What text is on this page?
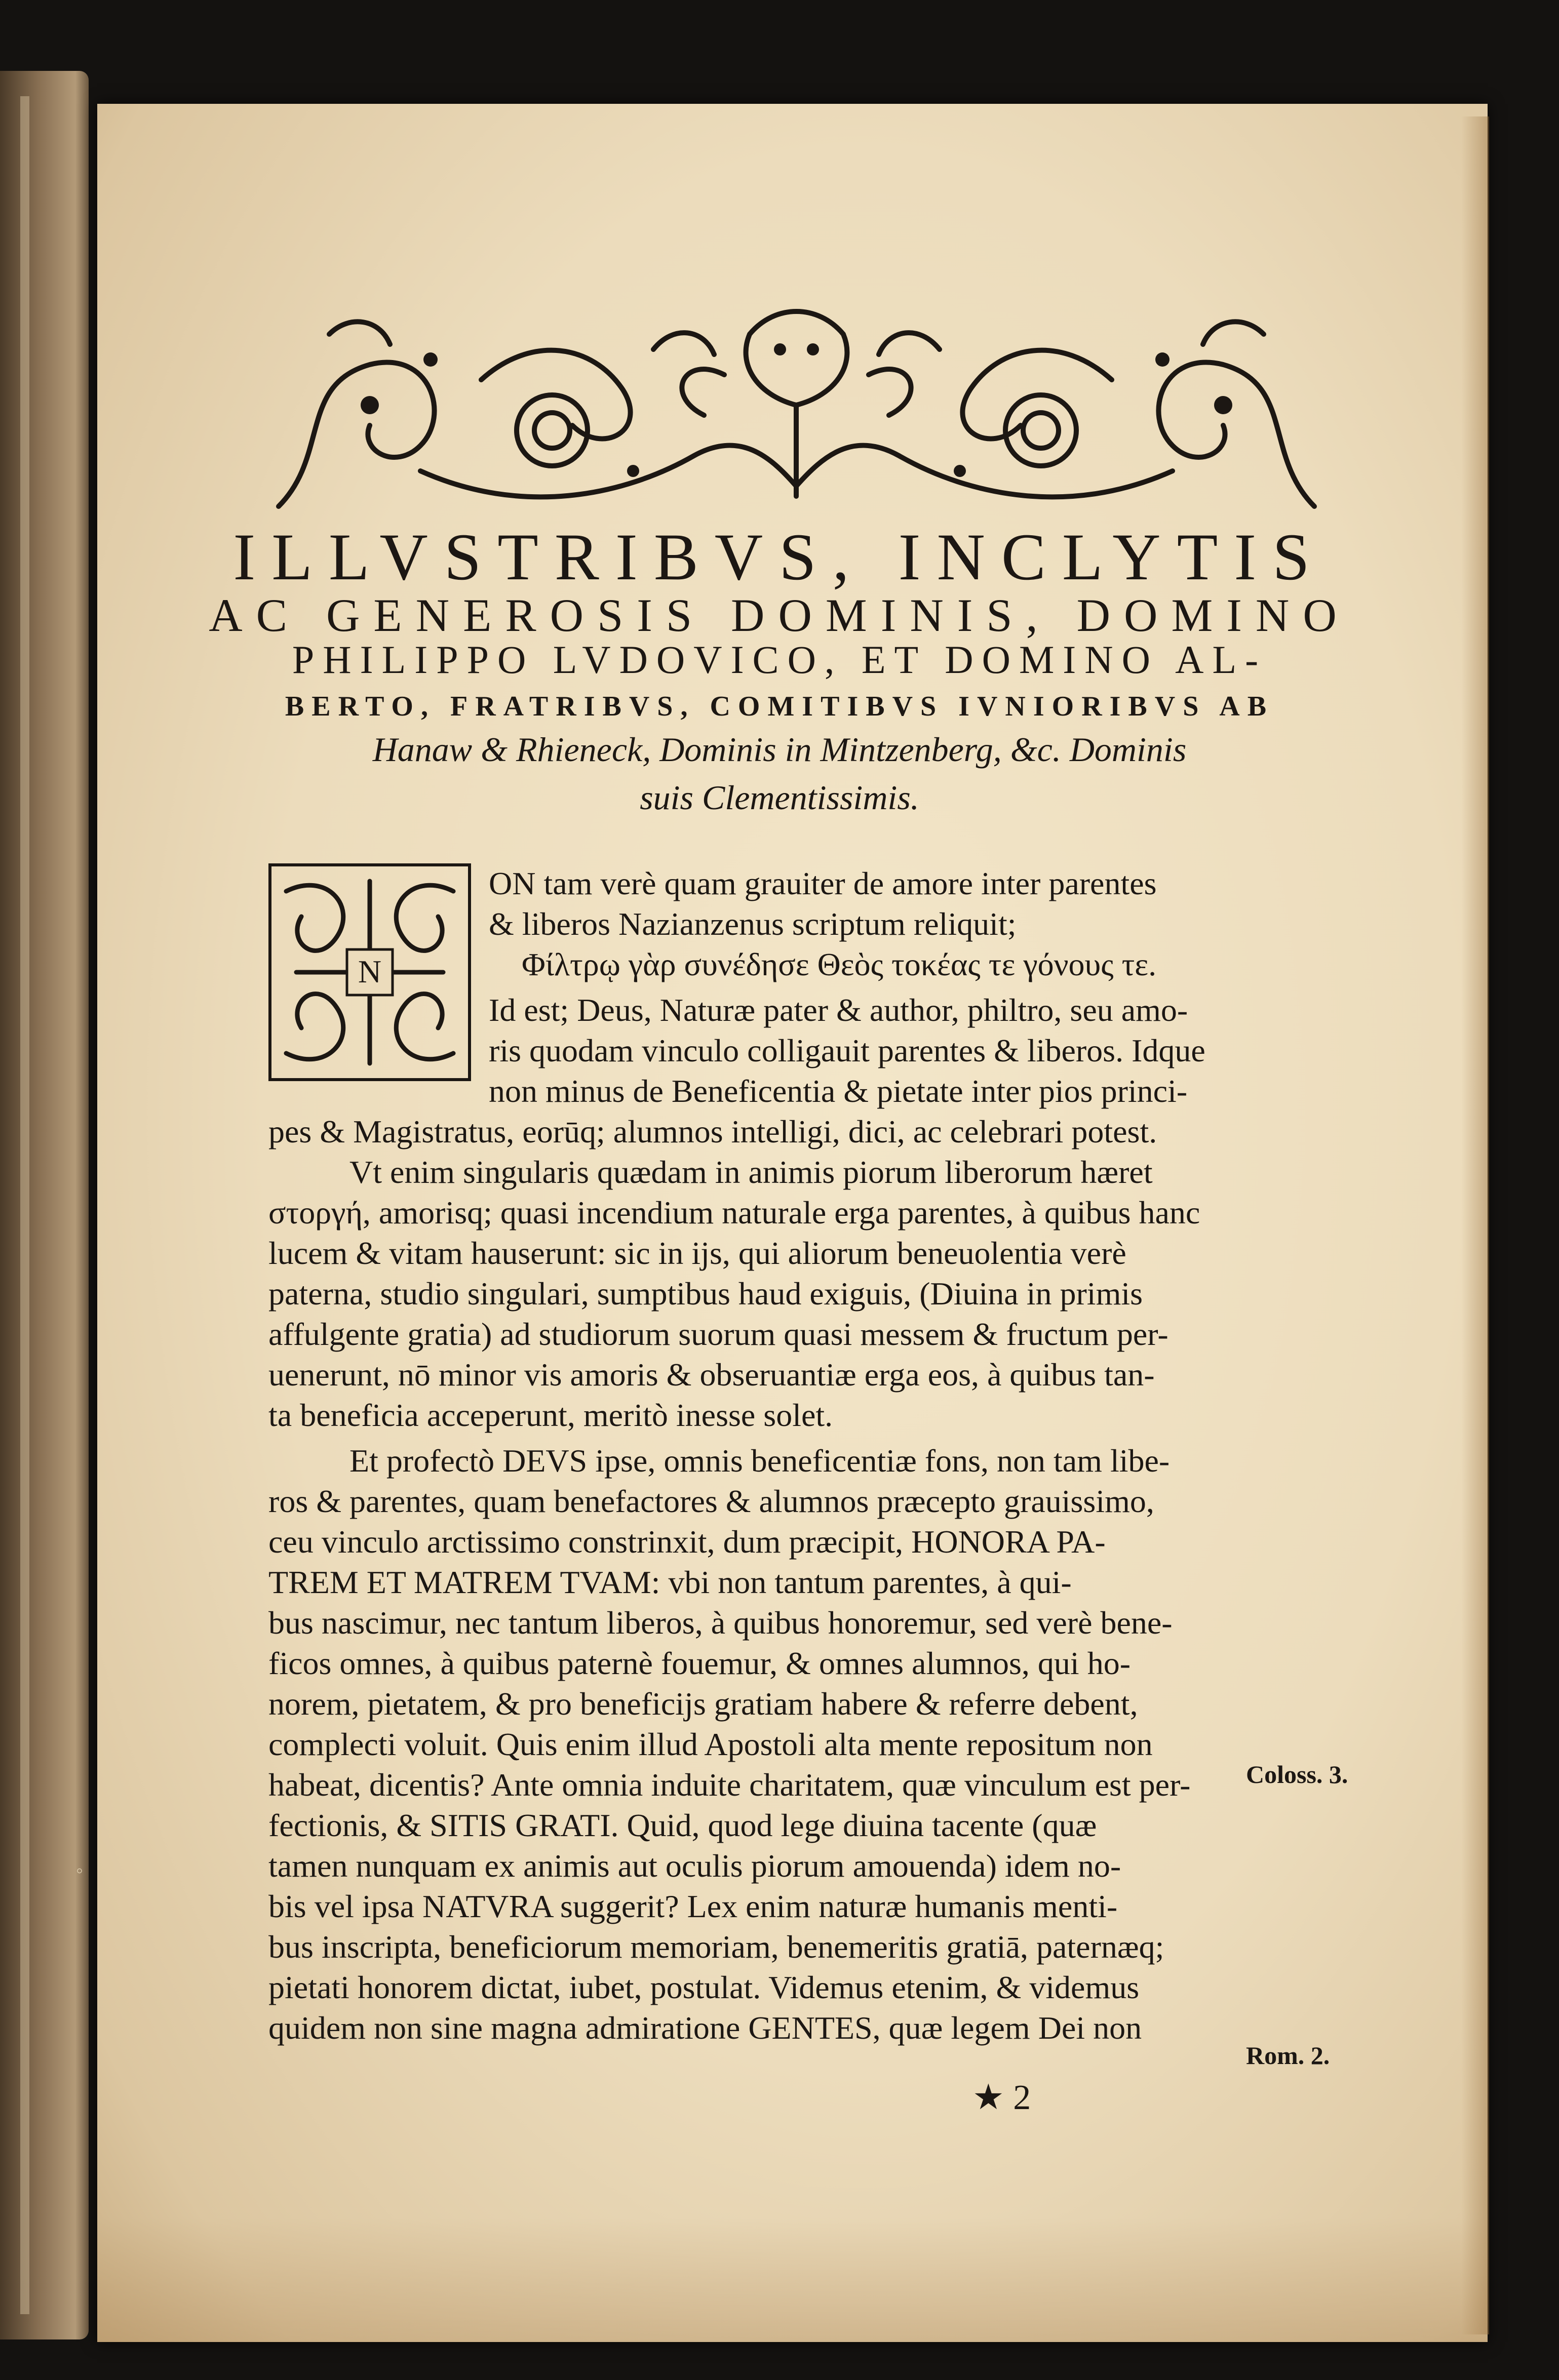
ILLVSTRIBVS, INCLYTIS
AC GENEROSIS DOMINIS, DOMINO
PHILIPPO LVDOVICO, ET DOMINO AL-
BERTO, FRATRIBVS, COMITIBVS IVNIORIBVS AB
Hanaw & Rhieneck, Dominis in Mintzenberg, &c. Dominis
suis Clementissimis.
N
ON tam verè quam grauiter de amore inter parentes
& liberos Nazianzenus scriptum reliquit;
Φίλτρῳ γὰρ συνέδησε Θεὸς τοκέας τε γόνους τε.
Id est; Deus, Naturæ pater & author, philtro, seu amo-
ris quodam vinculo colligauit parentes & liberos. Idque
non minus de Beneficentia & pietate inter pios princi-
pes & Magistratus, eorūq; alumnos intelligi, dici, ac celebrari potest.
Vt enim singularis quædam in animis piorum liberorum hæret
στοργή, amorisq; quasi incendium naturale erga parentes, à quibus hanc
lucem & vitam hauserunt: sic in ijs, qui aliorum beneuolentia verè
paterna, studio singulari, sumptibus haud exiguis, (Diuina in primis
affulgente gratia) ad studiorum suorum quasi messem & fructum per-
uenerunt, nō minor vis amoris & obseruantiæ erga eos, à quibus tan-
ta beneficia acceperunt, meritò inesse solet.
Et profectò DEVS ipse, omnis beneficentiæ fons, non tam libe-
ros & parentes, quam benefactores & alumnos præcepto grauissimo,
ceu vinculo arctissimo constrinxit, dum præcipit, HONORA PA-
TREM ET MATREM TVAM: vbi non tantum parentes, à qui-
bus nascimur, nec tantum liberos, à quibus honoremur, sed verè bene-
ficos omnes, à quibus paternè fouemur, & omnes alumnos, qui ho-
norem, pietatem, & pro beneficijs gratiam habere & referre debent,
complecti voluit. Quis enim illud Apostoli alta mente repositum non
habeat, dicentis? Ante omnia induite charitatem, quæ vinculum est per-
fectionis, & SITIS GRATI. Quid, quod lege diuina tacente (quæ
tamen nunquam ex animis aut oculis piorum amouenda) idem no-
bis vel ipsa NATVRA suggerit? Lex enim naturæ humanis menti-
bus inscripta, beneficiorum memoriam, benemeritis gratiā, paternæq;
pietati honorem dictat, iubet, postulat. Videmus etenim, & videmus
quidem non sine magna admiratione GENTES, quæ legem Dei non
Coloss. 3.
Rom. 2.
★ 2
◦
